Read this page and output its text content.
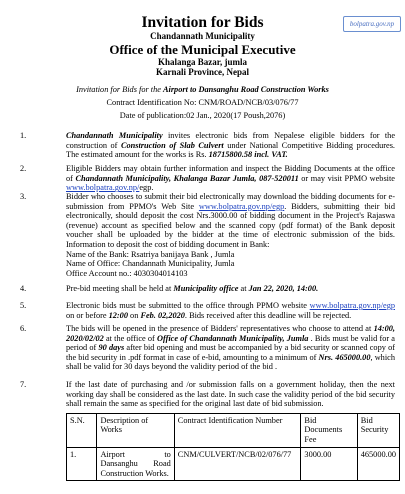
bolpatra.gov.np
Invitation for Bids
Chandannath Municipality
Office of the Municipal Executive
Khalanga Bazar, jumla
Karnali Province, Nepal
Invitation for Bids for the Airport to Dansanghu Road Construction Works
Contract Identification No: CNM/ROAD/NCB/03/076/77
Date of publication:02 Jan., 2020(17 Poush,2076)
1.	Chandannath Municipality invites electronic bids from Nepalese eligible bidders for the construction of Construction of Slab Culvert under National Competitive Bidding procedures. The estimated amount for the works is Rs. 18715800.58 incl. VAT.
2.	Eligible Bidders may obtain further information and inspect the Bidding Documents at the office of Chandannath Municipality, Khalanga Bazar Jumla, 087-520011 or may visit PPMO website www.bolpatra.gov.np/egp.
3.	Bidder who chooses to submit their bid electronically may download the bidding documents for e-submission from PPMO's Web Site www.bolpatra.gov.np/egp. Bidders, submitting their bid electronically, should deposit the cost Nrs.3000.00 of bidding document in the Project's Rajaswa (revenue) account as specified below and the scanned copy (pdf format) of the Bank deposit voucher shall be uploaded by the bidder at the time of electronic submission of the bids. Information to deposit the cost of bidding document in Bank:
Name of the Bank: Rsatriya banijaya Bank , Jumla
Name of Office: Chandannath Municipality, Jumla
Office Account no.: 4030304014103
4.	Pre-bid meeting shall be held at Municipality office at Jan 22, 2020, 14:00.
5.	Electronic bids must be submitted to the office through PPMO website www.bolpatra.gov.np/egp on or before 12:00 on Feb. 02,2020. Bids received after this deadline will be rejected.
6.	The bids will be opened in the presence of Bidders' representatives who choose to attend at 14:00, 2020/02/02 at the office of Office of Chandannath Municipality, Jumla . Bids must be valid for a period of 90 days after bid opening and must be accompanied by a bid security or scanned copy of the bid security in .pdf format in case of e-bid, amounting to a minimum of Nrs. 465000.00, which shall be valid for 30 days beyond the validity period of the bid .
7.	If the last date of purchasing and /or submission falls on a government holiday, then the next working day shall be considered as the last date. In such case the validity period of the bid security shall remain the same as specified for the original last date of bid submission.
S.N.	Description of Works	Contract Identification Number	Bid Documents Fee	Bid Security
1.	Airport to Dansanghu Road Construction Works.	CNM/CULVERT/NCB/02/076/77	3000.00	465000.00
